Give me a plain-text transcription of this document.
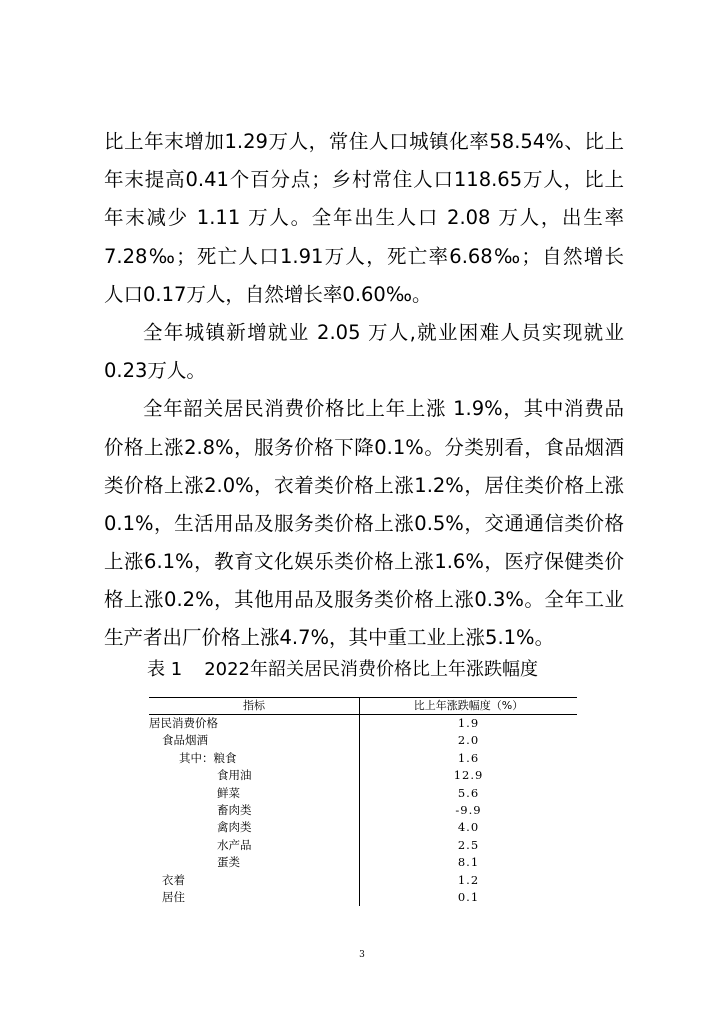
比上年末增加1.29万人，常住人口城镇化率58.54%、比上
年末提高0.41个百分点；乡村常住人口118.65万人，比上
年末减少 1.11 万人。全年出生人口 2.08 万人，出生率
7.28‰；死亡人口1.91万人，死亡率6.68‰；自然增长
人口0.17万人，自然增长率0.60‰。
全年城镇新增就业 2.05 万人,就业困难人员实现就业
0.23万人。
全年韶关居民消费价格比上年上涨 1.9%，其中消费品
价格上涨2.8%，服务价格下降0.1%。分类别看，食品烟酒
类价格上涨2.0%，衣着类价格上涨1.2%，居住类价格上涨
0.1%，生活用品及服务类价格上涨0.5%，交通通信类价格
上涨6.1%，教育文化娱乐类价格上涨1.6%，医疗保健类价
格上涨0.2%，其他用品及服务类价格上涨0.3%。全年工业
生产者出厂价格上涨4.7%，其中重工业上涨5.1%。
表 1 2022年韶关居民消费价格比上年涨跌幅度
指标	比上年涨跌幅度（%）
居民消费价格	1.9
食品烟酒	2.0
其中：粮食	1.6
食用油	12.9
鲜菜	5.6
畜肉类	-9.9
禽肉类	4.0
水产品	2.5
蛋类	8.1
衣着	1.2
居住	0.1
3
